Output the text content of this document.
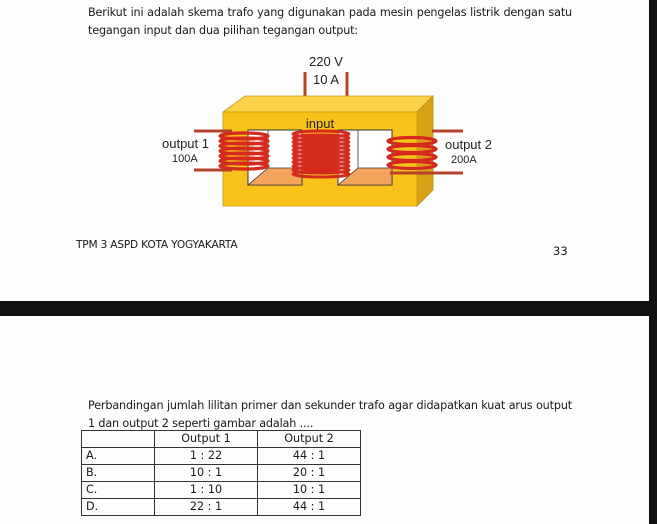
Berikut ini adalah skema trafo yang digunakan pada mesin pengelas listrik dengan satu tegangan input dan dua pilihan tegangan output:
220 V
10 A
input
output 1
100A
output 2
200A
TPM 3 ASPD KOTA YOGYAKARTA	33
Perbandingan jumlah lilitan primer dan sekunder trafo agar didapatkan kuat arus output 1 dan output 2 seperti gambar adalah ....
	Output 1	Output 2
A.	1 : 22	44 : 1
B.	10 : 1	20 : 1
C.	1 : 10	10 : 1
D.	22 : 1	44 : 1
